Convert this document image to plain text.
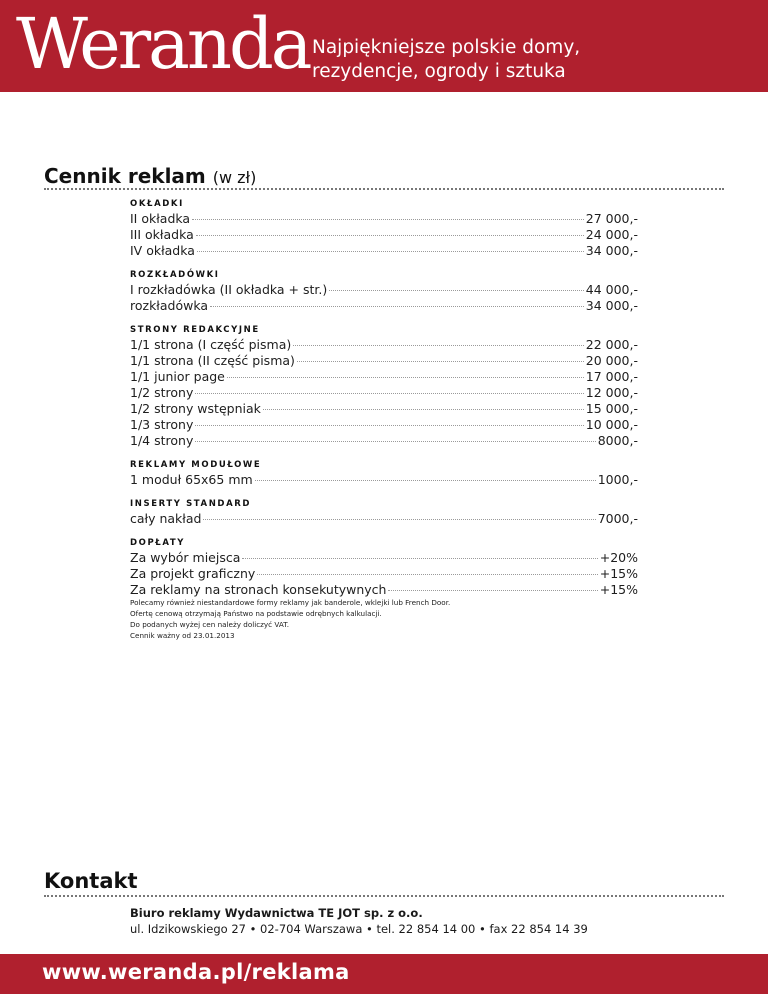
Weranda Najpiękniejsze polskie domy,
rezydencje, ogrody i sztuka
Cennik reklam (w zł)
OKŁADKI
II okładka	27 000,-
III okładka	24 000,-
IV okładka	34 000,-
ROZKŁADÓWKI
I rozkładówka (II okładka + str.)	44 000,-
rozkładówka	34 000,-
STRONY REDAKCYJNE
1/1 strona (I część pisma)	22 000,-
1/1 strona (II część pisma)	20 000,-
1/1 junior page	17 000,-
1/2 strony	12 000,-
1/2 strony wstępniak	15 000,-
1/3 strony	10 000,-
1/4 strony	8000,-
REKLAMY MODUŁOWE
1 moduł 65x65 mm	1000,-
INSERTY STANDARD
cały nakład	7000,-
DOPŁATY
Za wybór miejsca	+20%
Za projekt graficzny	+15%
Za reklamy na stronach konsekutywnych	+15%
Polecamy również niestandardowe formy reklamy jak banderole, wklejki lub French Door.
Ofertę cenową otrzymają Państwo na podstawie odrębnych kalkulacji.
Do podanych wyżej cen należy doliczyć VAT.
Cennik ważny od 23.01.2013
Kontakt
Biuro reklamy Wydawnictwa TE JOT sp. z o.o.
ul. Idzikowskiego 27 • 02-704 Warszawa • tel. 22 854 14 00 • fax 22 854 14 39
www.weranda.pl/reklama
